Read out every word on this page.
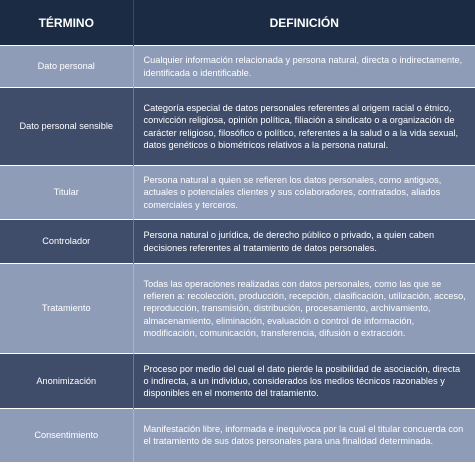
TÉRMINO	DEFINICIÓN
Dato personal	Cualquier información relacionada y persona natural, directa o indirectamente, identificada o identificable.
Dato personal sensible	Categoría especial de datos personales referentes al origem racial o étnico, convicción religiosa, opinión política, filiación a sindicato o a organización de carácter religioso, filosófico o político, referentes a la salud o a la vida sexual, datos genéticos o biométricos relativos a la persona natural.
Titular	Persona natural a quien se refieren los datos personales, como antiguos, actuales o potenciales clientes y sus colaboradores, contratados, aliados comerciales y terceros.
Controlador	Persona natural o jurídica, de derecho público o privado, a quien caben decisiones referentes al tratamiento de datos personales.
Tratamiento	Todas las operaciones realizadas con datos personales, como las que se refieren a: recolección, producción, recepción, clasificación, utilización, acceso, reproducción, transmisión, distribución, procesamiento, archivamiento, almacenamiento, eliminación, evaluación o control de información, modificación, comunicación, transferencia, difusión o extracción.
Anonimización	Proceso por medio del cual el dato pierde la posibilidad de asociación, directa o indirecta, a un individuo, considerados los medios técnicos razonables y disponibles en el momento del tratamiento.
Consentimiento	Manifestación libre, informada e inequívoca por la cual el titular concuerda con el tratamiento de sus datos personales para una finalidad determinada.
